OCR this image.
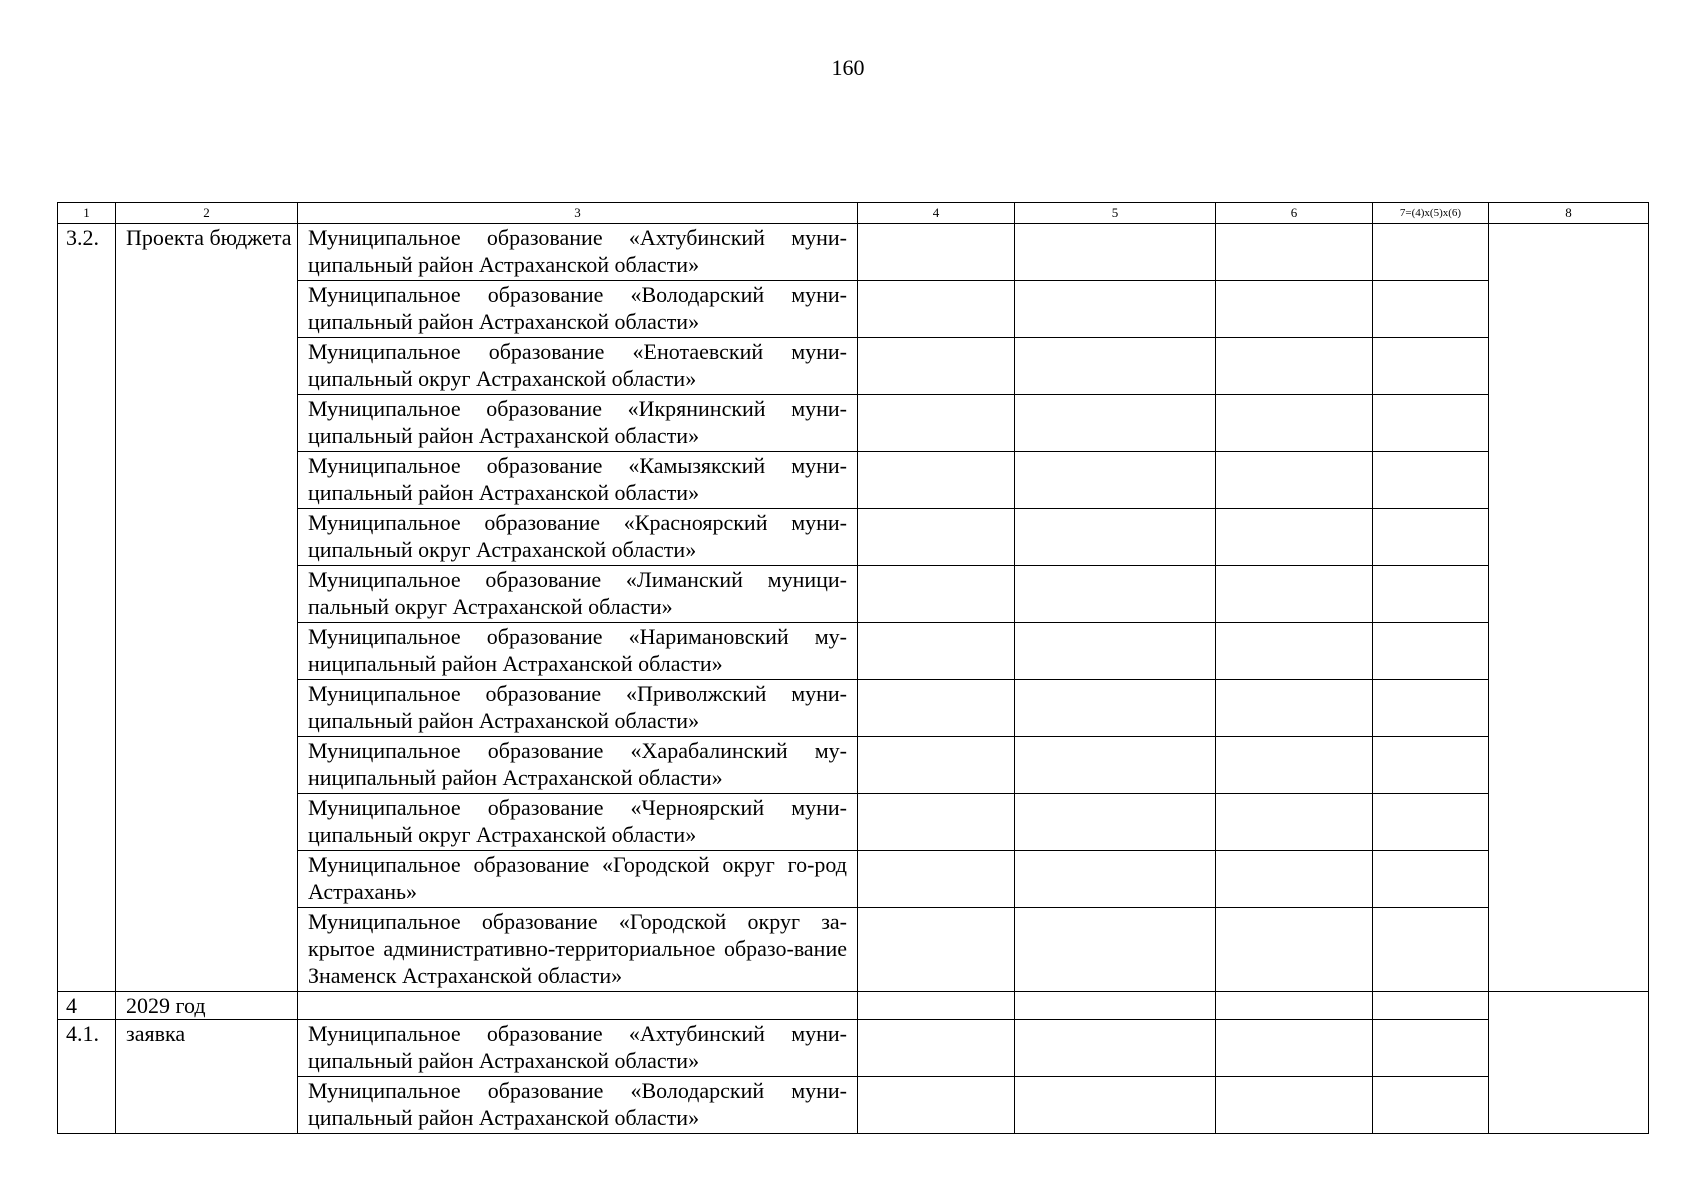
160
1	2	3	4	5	6	7=(4)x(5)x(6)	8
3.2.	Проекта бюджета	Муниципальное образование «Ахтубинский муни-ципальный район Астраханской области»					
		Муниципальное образование «Володарский муни-ципальный район Астраханской области»					
		Муниципальное образование «Енотаевский муни-ципальный округ Астраханской области»					
		Муниципальное образование «Икрянинский муни-ципальный район Астраханской области»					
		Муниципальное образование «Камызякский муни-ципальный район Астраханской области»					
		Муниципальное образование «Красноярский муни-ципальный округ Астраханской области»					
		Муниципальное образование «Лиманский муници-пальный округ Астраханской области»					
		Муниципальное образование «Наримановский му-ниципальный район Астраханской области»					
		Муниципальное образование «Приволжский муни-ципальный район Астраханской области»					
		Муниципальное образование «Харабалинский му-ниципальный район Астраханской области»					
		Муниципальное образование «Черноярский муни-ципальный округ Астраханской области»					
		Муниципальное образование «Городской округ го-род Астрахань»					
		Муниципальное образование «Городской округ за-крытое административно-территориальное образо-вание Знаменск Астраханской области»					
4	2029 год						
4.1.	заявка	Муниципальное образование «Ахтубинский муни-ципальный район Астраханской области»					
		Муниципальное образование «Володарский муни-ципальный район Астраханской области»					
